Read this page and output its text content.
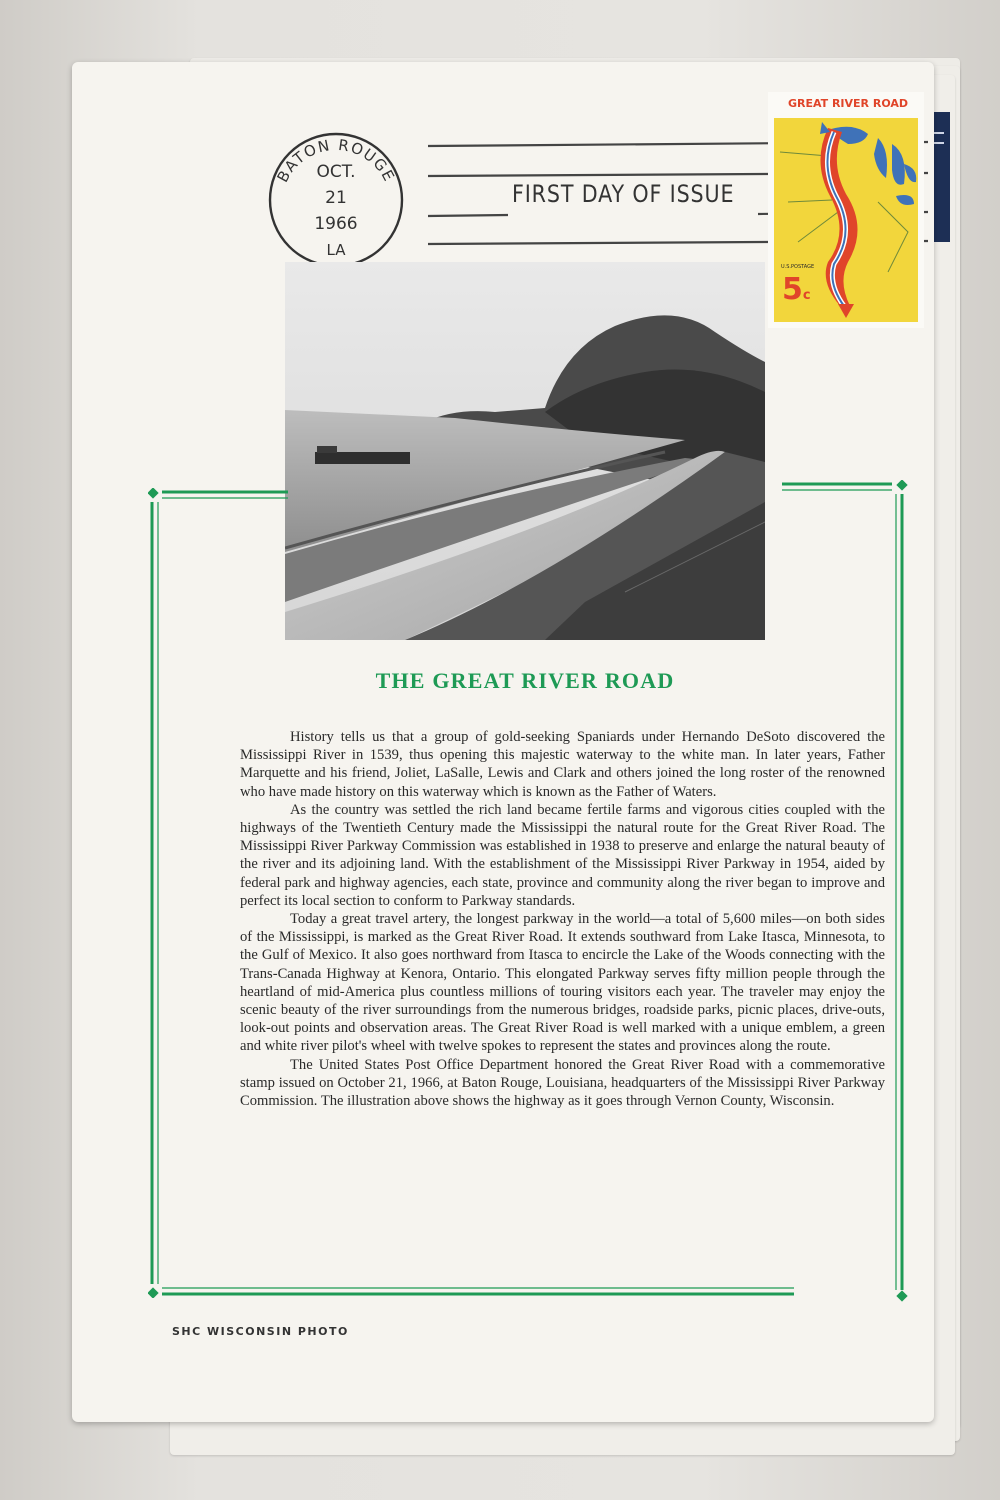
BATON ROUGE
OCT.
21
1966
LA
FIRST DAY OF ISSUE
GREAT RIVER ROAD
U.S.POSTAGE
5c
THE GREAT RIVER ROAD

History tells us that a group of gold-seeking Spaniards under Hernando DeSoto discovered the Mississippi River in 1539, thus opening this majestic waterway to the white man. In later years, Father Marquette and his friend, Joliet, LaSalle, Lewis and Clark and others joined the long roster of the renowned who have made history on this waterway which is known as the Father of Waters.

As the country was settled the rich land became fertile farms and vigorous cities coupled with the highways of the Twentieth Century made the Mississippi the natural route for the Great River Road. The Mississippi River Parkway Commission was established in 1938 to preserve and enlarge the natural beauty of the river and its adjoining land. With the establishment of the Mississippi River Parkway in 1954, aided by federal park and highway agencies, each state, province and community along the river began to improve and perfect its local section to conform to Parkway standards.

Today a great travel artery, the longest parkway in the world—a total of 5,600 miles—on both sides of the Mississippi, is marked as the Great River Road. It extends southward from Lake Itasca, Minnesota, to the Gulf of Mexico. It also goes northward from Itasca to encircle the Lake of the Woods connecting with the Trans-Canada Highway at Kenora, Ontario. This elongated Parkway serves fifty million people through the heartland of mid-America plus countless millions of touring visitors each year. The traveler may enjoy the scenic beauty of the river surroundings from the numerous bridges, roadside parks, picnic places, drive-outs, look-out points and observation areas. The Great River Road is well marked with a unique emblem, a green and white river pilot's wheel with twelve spokes to represent the states and provinces along the route.

The United States Post Office Department honored the Great River Road with a commemorative stamp issued on October 21, 1966, at Baton Rouge, Louisiana, headquarters of the Mississippi River Parkway Commission. The illustration above shows the highway as it goes through Vernon County, Wisconsin.

SHC WISCONSIN PHOTO
